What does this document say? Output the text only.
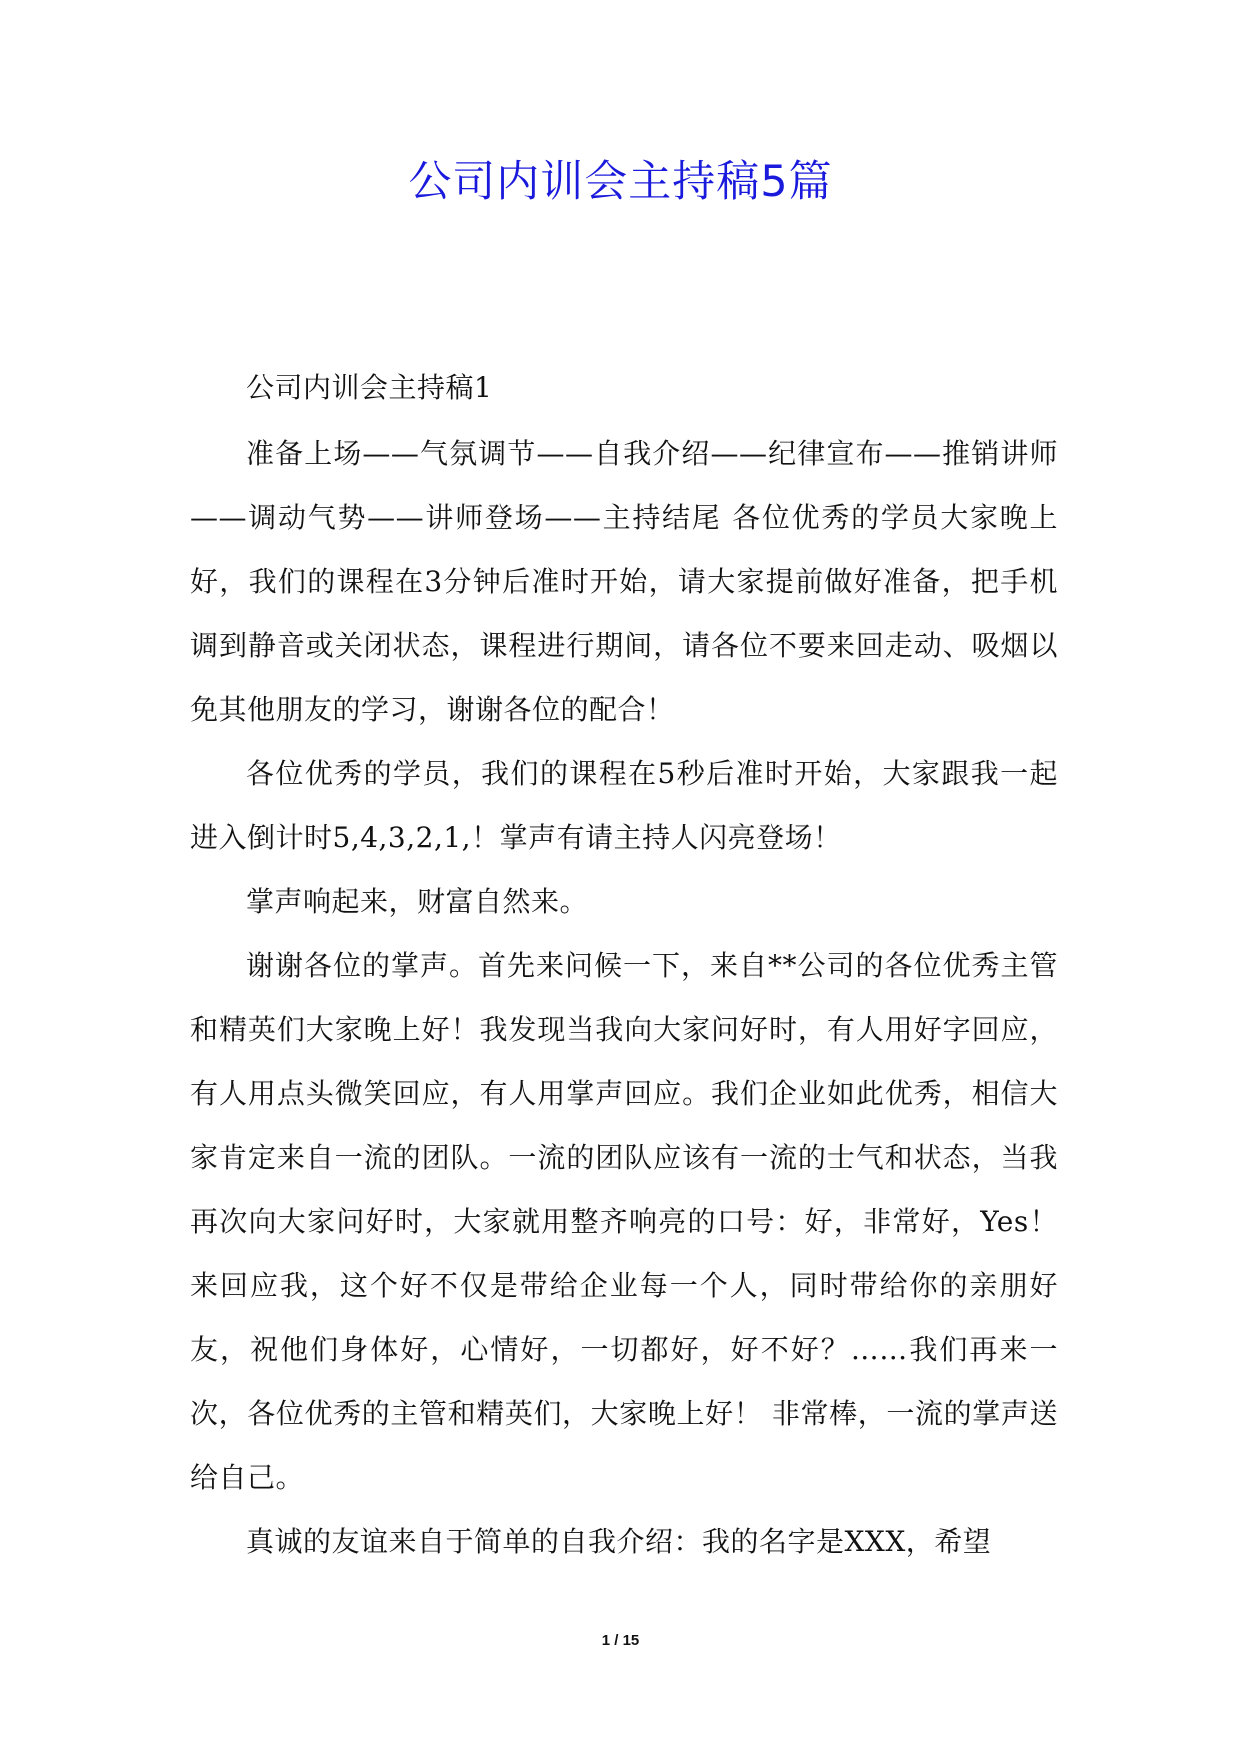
公司内训会主持稿5篇

公司内训会主持稿1

准备上场——气氛调节——自我介绍——纪律宣布——推销讲师——调动气势——讲师登场——主持结尾 各位优秀的学员大家晚上好，我们的课程在3分钟后准时开始，请大家提前做好准备，把手机调到静音或关闭状态，课程进行期间，请各位不要来回走动、吸烟以免其他朋友的学习，谢谢各位的配合！

各位优秀的学员，我们的课程在5秒后准时开始，大家跟我一起进入倒计时5,4,3,2,1,！掌声有请主持人闪亮登场！

掌声响起来，财富自然来。

谢谢各位的掌声。首先来问候一下，来自**公司的各位优秀主管和精英们大家晚上好！我发现当我向大家问好时，有人用好字回应，有人用点头微笑回应，有人用掌声回应。我们企业如此优秀，相信大家肯定来自一流的团队。一流的团队应该有一流的士气和状态，当我再次向大家问好时，大家就用整齐响亮的口号：好，非常好，Yes！来回应我，这个好不仅是带给企业每一个人，同时带给你的亲朋好友，祝他们身体好，心情好，一切都好，好不好？……我们再来一次，各位优秀的主管和精英们，大家晚上好！ 非常棒，一流的掌声送给自己。

真诚的友谊来自于简单的自我介绍：我的名字是XXX，希望

1 / 15
